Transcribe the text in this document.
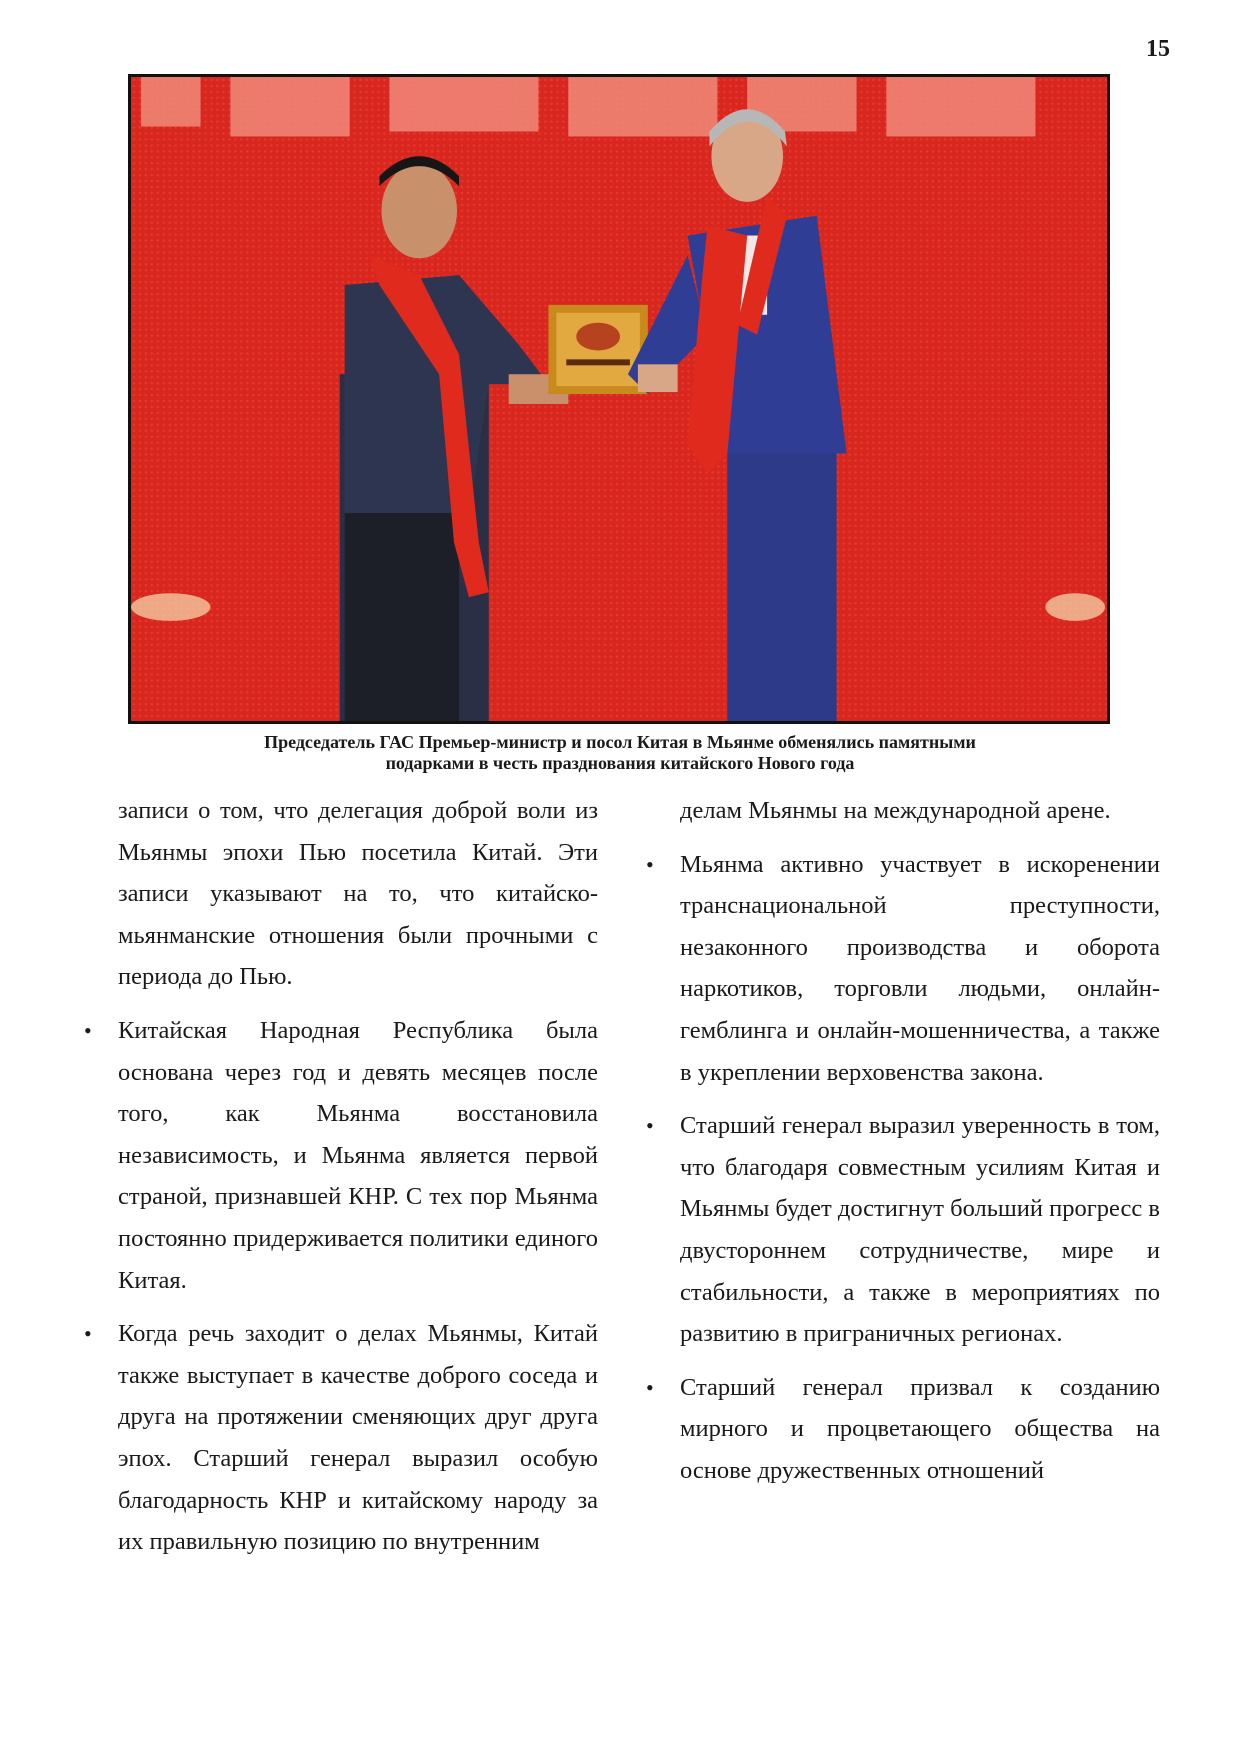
15
Председатель ГАС Премьер-министр и посол Китая в Мьянме обменялись памятными
подарками в честь празднования китайского Нового года

записи о том, что делегация доброй воли из Мьянмы эпохи Пью посетила Китай. Эти записи указывают на то, что китайско-мьянманские отношения были прочными с периода до Пью.

• Китайская Народная Республика была основана через год и девять месяцев после того, как Мьянма восстановила независимость, и Мьянма является первой страной, признавшей КНР. С тех пор Мьянма постоянно придерживается политики единого Китая.

• Когда речь заходит о делах Мьянмы, Китай также выступает в качестве доброго соседа и друга на протяжении сменяющих друг друга эпох. Старший генерал выразил особую благодарность КНР и китайскому народу за их правильную позицию по внутренним

делам Мьянмы на международной арене.

• Мьянма активно участвует в искоренении транснациональной преступности, незаконного производства и оборота наркотиков, торговли людьми, онлайн-гемблинга и онлайн-мошенничества, а также в укреплении верховенства закона.

• Старший генерал выразил уверенность в том, что благодаря совместным усилиям Китая и Мьянмы будет достигнут больший прогресс в двустороннем сотрудничестве, мире и стабильности, а также в мероприятиях по развитию в приграничных регионах.

• Старший генерал призвал к созданию мирного и процветающего общества на основе дружественных отношений
